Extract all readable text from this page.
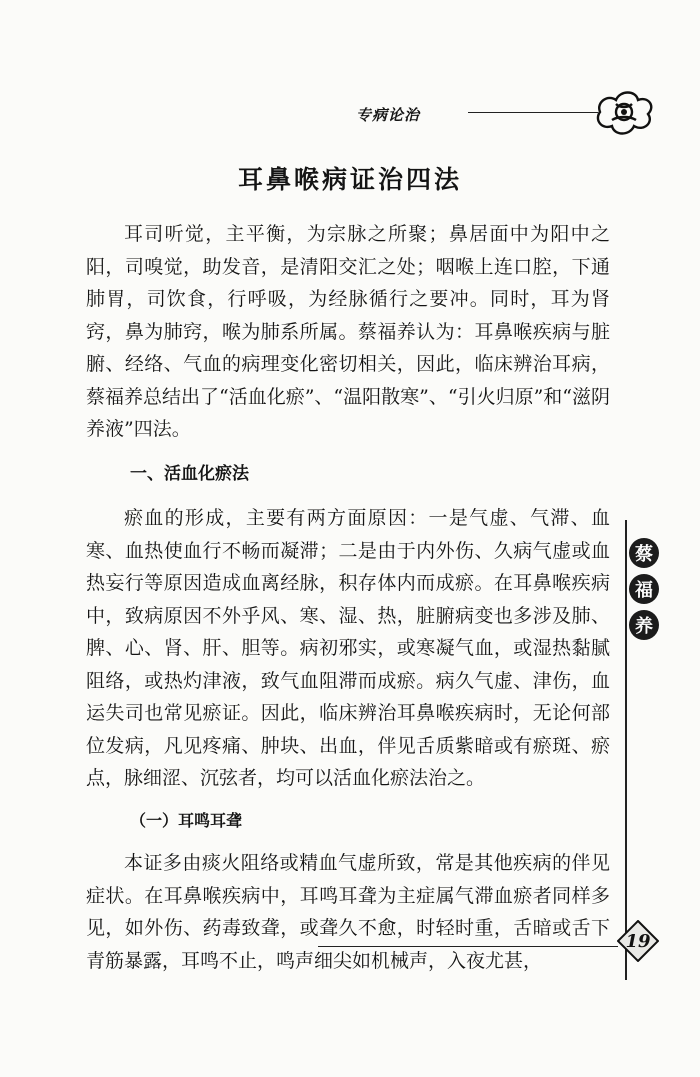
专病论治
耳鼻喉病证治四法

耳司听觉，主平衡，为宗脉之所聚；鼻居面中为阳中之阳，司嗅觉，助发音，是清阳交汇之处；咽喉上连口腔，下通肺胃，司饮食，行呼吸，为经脉循行之要冲。同时，耳为肾窍，鼻为肺窍，喉为肺系所属。蔡福养认为：耳鼻喉疾病与脏腑、经络、气血的病理变化密切相关，因此，临床辨治耳病，蔡福养总结出了“活血化瘀”、“温阳散寒”、“引火归原”和“滋阴养液”四法。

一、活血化瘀法

瘀血的形成，主要有两方面原因：一是气虚、气滞、血寒、血热使血行不畅而凝滞；二是由于内外伤、久病气虚或血热妄行等原因造成血离经脉，积存体内而成瘀。在耳鼻喉疾病中，致病原因不外乎风、寒、湿、热，脏腑病变也多涉及肺、脾、心、肾、肝、胆等。病初邪实，或寒凝气血，或湿热黏腻阻络，或热灼津液，致气血阻滞而成瘀。病久气虚、津伤，血运失司也常见瘀证。因此，临床辨治耳鼻喉疾病时，无论何部位发病，凡见疼痛、肿块、出血，伴见舌质紫暗或有瘀斑、瘀点，脉细涩、沉弦者，均可以活血化瘀法治之。

（一）耳鸣耳聋

本证多由痰火阻络或精血气虚所致，常是其他疾病的伴见症状。在耳鼻喉疾病中，耳鸣耳聋为主症属气滞血瘀者同样多见，如外伤、药毒致聋，或聋久不愈，时轻时重，舌暗或舌下青筋暴露，耳鸣不止，鸣声细尖如机械声，入夜尤甚，

蔡
福
养
19
